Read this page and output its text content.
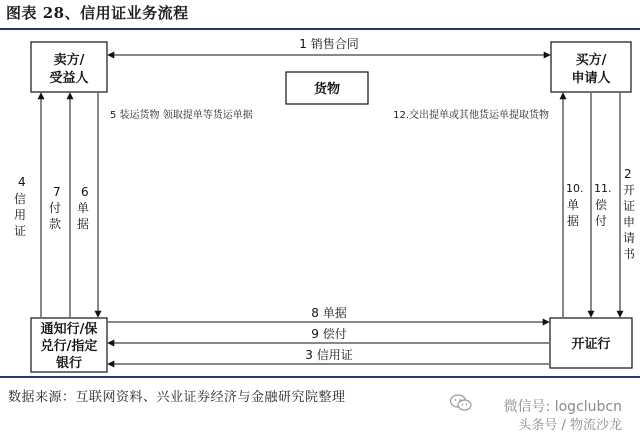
图表 28、信用证业务流程
卖方/
受益人
买方/
申请人
货物
通知行/保
兑行/指定
银行
开证行
1 销售合同
5 装运货物 领取提单等货运单据	12.交出提单或其他货运单提取货物
4 信用证
7 付款
6 单据
10.单据
11.偿付
2 开证申请书
8 单据
9 偿付
3 信用证
数据来源：互联网资料、兴业证券经济与金融研究院整理
微信号: logclubcn
头条号 / 物流沙龙
